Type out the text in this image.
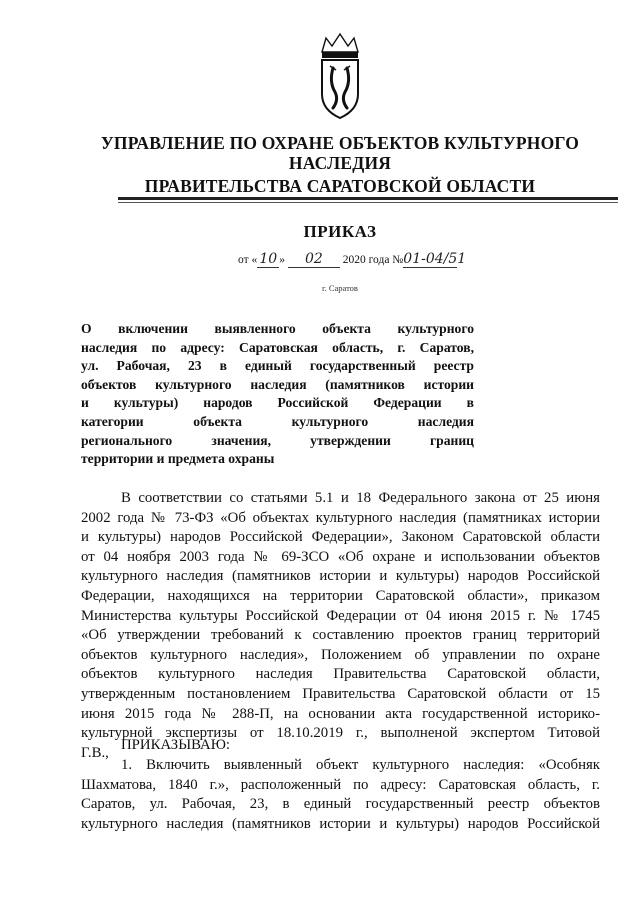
УПРАВЛЕНИЕ ПО ОХРАНЕ ОБЪЕКТОВ КУЛЬТУРНОГО
НАСЛЕДИЯ
ПРАВИТЕЛЬСТВА САРАТОВСКОЙ ОБЛАСТИ
ПРИКАЗ
от « 10 » 02 2020 года №01-04/51
г. Саратов
О включении выявленного объекта культурного
наследия по адресу: Саратовская область, г. Саратов,
ул. Рабочая, 23 в единый государственный реестр
объектов культурного наследия (памятников истории
и культуры) народов Российской Федерации в
категории объекта культурного наследия
регионального значения, утверждении границ
территории и предмета охраны
В соответствии со статьями 5.1 и 18 Федерального закона от 25 июня
2002 года № 73-ФЗ «Об объектах культурного наследия (памятниках истории
и культуры) народов Российской Федерации», Законом Саратовской области
от 04 ноября 2003 года № 69-ЗСО «Об охране и использовании объектов
культурного наследия (памятников истории и культуры) народов Российской
Федерации, находящихся на территории Саратовской области», приказом
Министерства культуры Российской Федерации от 04 июня 2015 г. № 1745
«Об утверждении требований к составлению проектов границ территорий
объектов культурного наследия», Положением об управлении по охране
объектов культурного наследия Правительства Саратовской области,
утвержденным постановлением Правительства Саратовской области от 15
июня 2015 года № 288-П, на основании акта государственной историко-
культурной экспертизы от 18.10.2019 г., выполненой экспертом Титовой
Г.В., ПРИКАЗЫВАЮ:
1. Включить выявленный объект культурного наследия: «Особняк
Шахматова, 1840 г.», расположенный по адресу: Саратовская область, г.
Саратов, ул. Рабочая, 23, в единый государственный реестр объектов
культурного наследия (памятников истории и культуры) народов Российской
